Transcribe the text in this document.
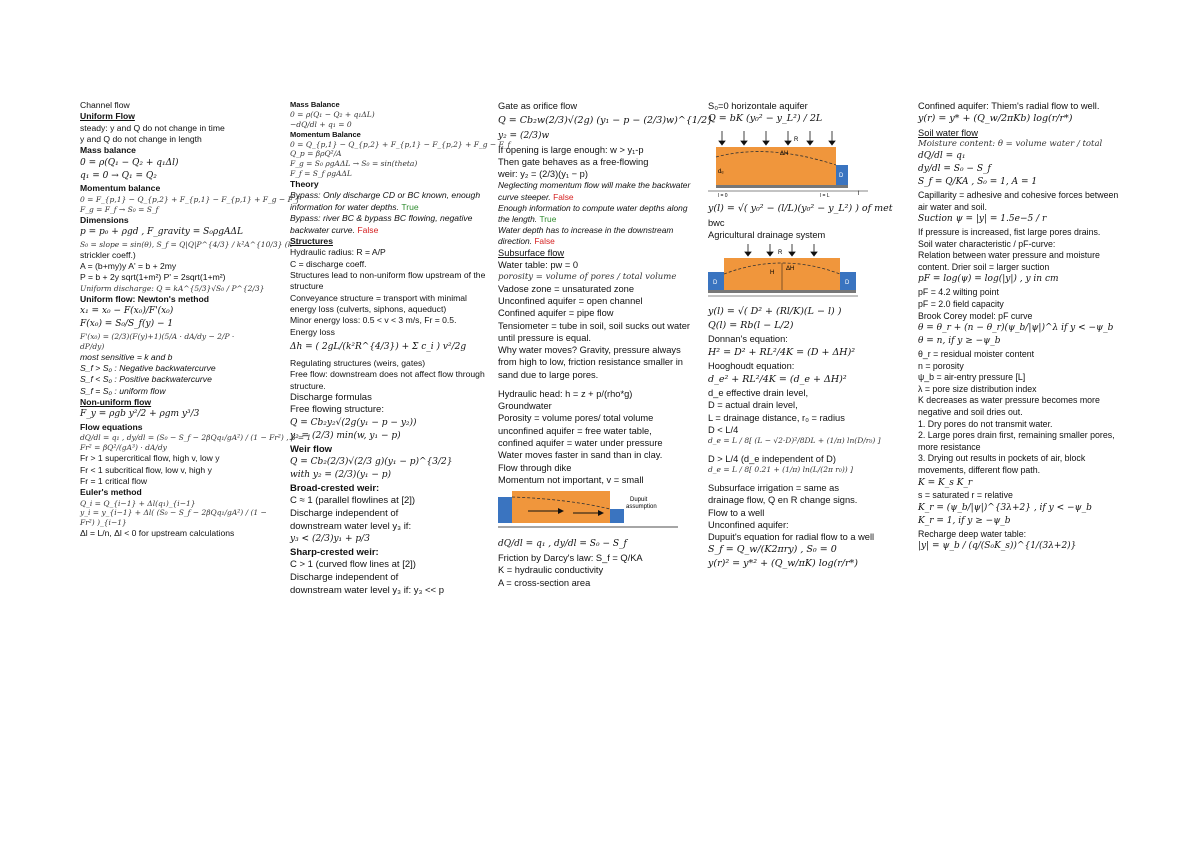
Channel flow
Uniform Flow
steady: y and Q do not change in time
y and Q do not change in length
Mass balance
0 = ρ(Q₁ − Q₂ + q₁Δl)
q₁ = 0 → Q₁ = Q₂
Momentum balance
0 = F_{p,1} − Q_{p,2} + F_{p,1} − F_{p,1} + F_g − F_f
F_g = F_f → S₀ = S_f
Dimensions
p = p₀ + ρgd , F_gravity = S₀ρgAΔL
S₀ = slope = sin(θ), S_f = Q|Q|P^{4/3} / k²A^{10/3} (k =
strickler coeff.)
A = (b+my)y A' = b + 2my
P = b + 2y sqrt(1+m²) P' = 2sqrt(1+m²)
Uniform discharge: Q = kA^{5/3}√S₀ / P^{2/3}
Uniform flow: Newton's method
x₁ = x₀ − F(x₀)/F'(x₀)
F(x₀) = S₀/S_f(y) − 1
F'(x₀) = (2/3)(F(y)+1)(5/A · dA/dy − 2/P ·
dP/dy)
most sensitive = k and b
S_f > S₀ : Negative backwatercurve
S_f < S₀ : Positive backwatercurve
S_f = S₀ : uniform flow
Non-uniform flow
F_y = ρgb y²/2 + ρgm y³/3
Flow equations
dQ/dl = q₁ , dy/dl = (S₀ − S_f − 2βQq₁/gA²) / (1 − Fr²) , β = 1
Fr² = βQ²/(gA³) · dA/dy
Fr > 1 supercritical flow, high v, low y
Fr < 1 subcritical flow, low v, high y
Fr = 1 critical flow
Euler's method
Q_i = Q_{i−1} + Δl(q₁)_{i−1}
y_i = y_{i−1} + Δl( (S₀ − S_f − 2βQq₁/gA²) / (1 − Fr²) )_{i−1}
Δl = L/n, Δl < 0 for upstream calculations
Mass Balance
0 = ρ(Q₁ − Q₂ + q₁ΔL)
−dQ/dl + q₁ = 0
Momentum Balance
0 = Q_{p,1} − Q_{p,2} + F_{p,1} − F_{p,2} + F_g − F_f
Q_p = βρQ²/A
F_g = S₀ ρgAΔL → S₀ = sin(theta)
F_f = S_f ρgAΔL
Theory
Bypass: Only discharge CD or BC known, enough information for water depths. True
Bypass: river BC & bypass BC flowing, negative backwater curve. False
Structures
Hydraulic radius: R = A/P
C = discharge coeff.
Structures lead to non-uniform flow upstream of the structure
Conveyance structure = transport with minimal energy loss (culverts, siphons, aqueduct)
Minor energy loss: 0.5 < v < 3 m/s, Fr = 0.5.
Energy loss
Δh = ( 2gL/(k²R^{4/3}) + Σ c_i ) v²/2g
Regulating structures (weirs, gates)
Free flow: downstream does not affect flow through structure.
Discharge formulas
Free flowing structure:
Q = Cb₂y₂√(2g(y₁ − p − y₂))
y₂ = (2/3) min(w, y₁ − p)
Weir flow
Q = Cb₂(2/3)√(2/3 g)(y₁ − p)^{3/2}
with y₂ = (2/3)(y₁ − p)
Broad-crested weir:
C ≈ 1 (parallel flowlines at [2])
Discharge independent of
downstream water level y₃ if:
y₃ < (2/3)y₁ + p/3
Sharp-crested weir:
C > 1 (curved flow lines at [2])
Discharge independent of
downstream water level y₃ if: y₃ << p
Gate as orifice flow
Q = Cb₂w(2/3)√(2g) (y₁ − p − (2/3)w)^{1/2}
y₂ = (2/3)w
If opening is large enough: w > y₁-p
Then gate behaves as a free-flowing
weir: y₂ = (2/3)(y₁ − p)
Neglecting momentum flow will make the backwater curve steeper. False
Enough information to compute water depths along the length. True
Water depth has to increase in the downstream direction. False
Subsurface flow
Water table: pw = 0
porosity = volume of pores / total volume
Vadose zone = unsaturated zone
Unconfined aquifer = open channel
Confined aquifer = pipe flow
Tensiometer = tube in soil, soil sucks out water until pressure is equal.
Why water moves? Gravity, pressure always from high to low, friction resistance smaller in sand due to large pores.
Hydraulic head: h = z + p/(rho*g)
Groundwater
Porosity = volume pores/ total volume
unconfined aquifer = free water table,
confined aquifer = water under pressure
Water moves faster in sand than in clay.
Flow through dike
Momentum not important, v = small
Dupuit
assumption
dQ/dl = q₁ , dy/dl = S₀ − S_f
Friction by Darcy's law: S_f = Q/KA
K = hydraulic conductivity
A = cross-section area
S₀=0 horizontale aquifer
Q = bK (y₀² − y_L²) / 2L
R
ΔH
D
dₑ
l = 0	l = L	l
y(l) = √( y₀² − (l/L)(y₀² − y_L²) ) of met
bwc
Agricultural drainage system
R
H
ΔH
D	D
y(l) = √( D² + (Rl/K)(L − l) )
Q(l) = Rb(l − L/2)
Donnan's equation:
H² = D² + RL²/4K = (D + ΔH)²
Hooghoudt equation:
d_e² + RL²/4K = (d_e + ΔH)²
d_e effective drain level,
D = actual drain level,
L = drainage distance, r₀ = radius
D < L/4
d_e = L / 8[ (L − √2·D)²/8DL + (1/π) ln(D/r₀) ]
D > L/4 (d_e independent of D)
d_e = L / 8[ 0.21 + (1/π) ln(L/(2π r₀)) ]
Subsurface irrigation = same as
drainage flow, Q en R change signs.
Flow to a well
Unconfined aquifer:
Dupuit's equation for radial flow to a well
S_f = Q_w/(K2πry) , S₀ = 0
y(r)² = y*² + (Q_w/πK) log(r/r*)
Confined aquifer: Thiem's radial flow to well.
y(r) = y* + (Q_w/2πKb) log(r/r*)
Soil water flow
Moisture content: θ = volume water / total
dQ/dl = q₁
dy/dl = S₀ − S_f
S_f = Q/KA , S₀ = 1, A = 1
Capillarity = adhesive and cohesive forces between air water and soil.
Suction ψ = |y| = 1.5e−5 / r
If pressure is increased, fist large pores drains.
Soil water characteristic / pF-curve:
Relation between water pressure and moisture content. Drier soil = larger suction
pF = log(ψ) = log(|y|) , y in cm
pF = 4.2 wilting point
pF = 2.0 field capacity
Brook Corey model: pF curve
θ = θ_r + (n − θ_r)(ψ_b/|ψ|)^λ if y < −ψ_b
θ = n, if y ≥ −ψ_b
θ_r = residual moister content
n = porosity
ψ_b = air-entry pressure [L]
λ = pore size distribution index
K decreases as water pressure becomes more negative and soil dries out.
1. Dry pores do not transmit water.
2. Large pores drain first, remaining smaller pores, more resistance
3. Drying out results in pockets of air, block movements, different flow path.
K = K_s K_r
s = saturated r = relative
K_r = (ψ_b/|ψ|)^{3λ+2} , if y < −ψ_b
K_r = 1, if y ≥ −ψ_b
Recharge deep water table:
|y| = ψ_b / (q/(S₀K_s))^{1/(3λ+2)}
